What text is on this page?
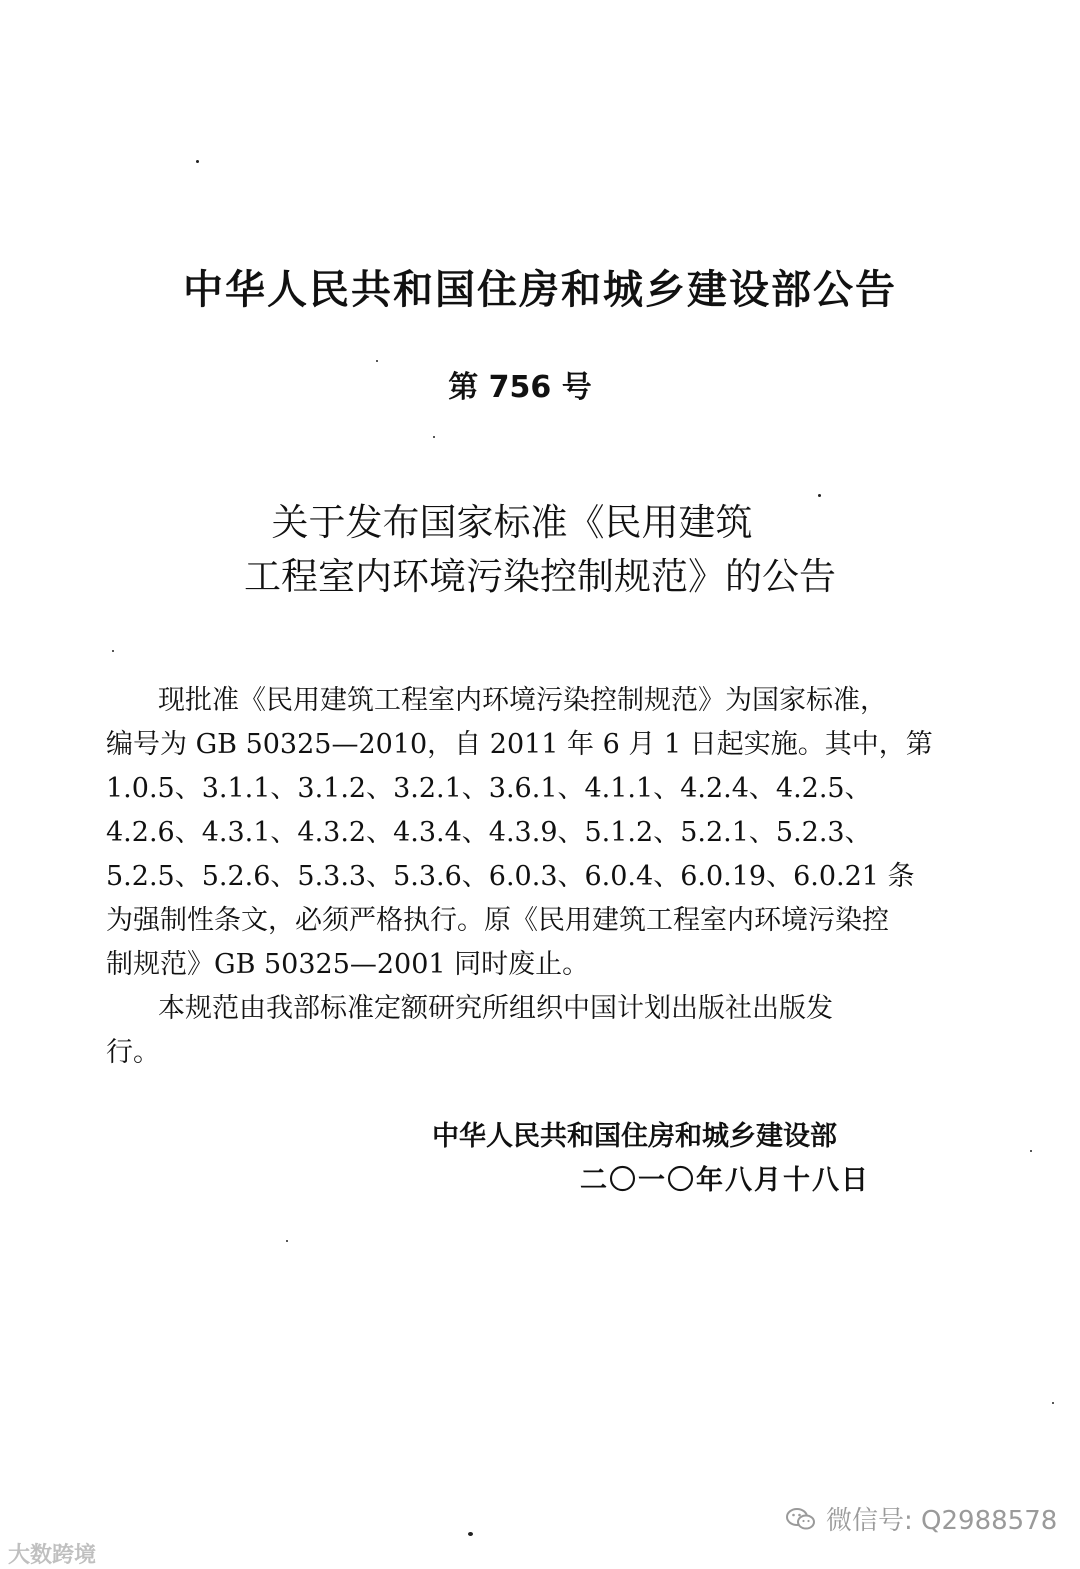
中华人民共和国住房和城乡建设部公告
第 756 号
关于发布国家标准《民用建筑
工程室内环境污染控制规范》的公告
现批准《民用建筑工程室内环境污染控制规范》为国家标准，
编号为 GB 50325—2010，自 2011 年 6 月 1 日起实施。其中，第
1.0.5、3.1.1、3.1.2、3.2.1、3.6.1、4.1.1、4.2.4、4.2.5、
4.2.6、4.3.1、4.3.2、4.3.4、4.3.9、5.1.2、5.2.1、5.2.3、
5.2.5、5.2.6、5.3.3、5.3.6、6.0.3、6.0.4、6.0.19、6.0.21 条
为强制性条文，必须严格执行。原《民用建筑工程室内环境污染控
制规范》GB 50325—2001 同时废止。
本规范由我部标准定额研究所组织中国计划出版社出版发
行。
中华人民共和国住房和城乡建设部
二〇一〇年八月十八日
大数跨境
微信号: Q2988578
